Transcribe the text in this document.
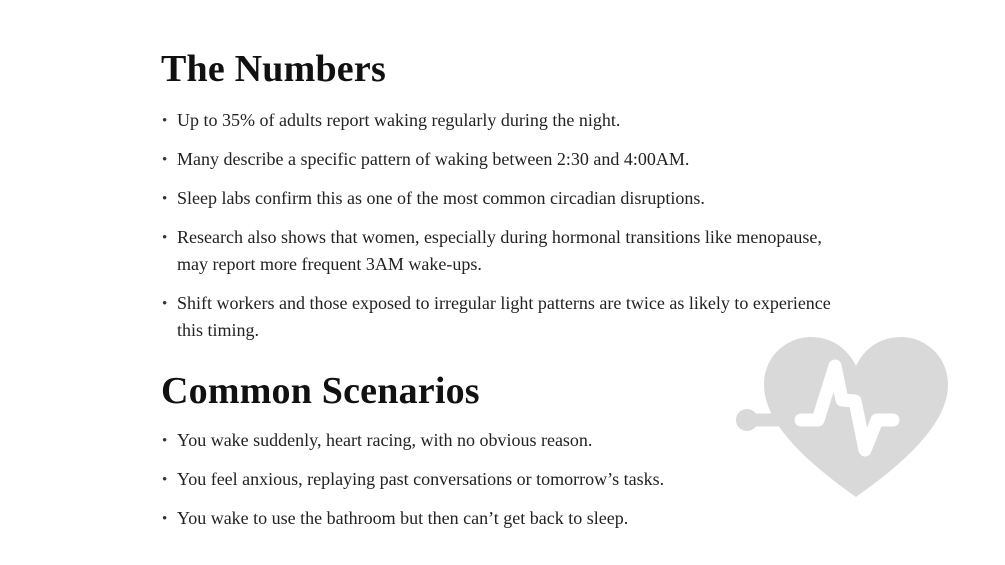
The Numbers
• Up to 35% of adults report waking regularly during the night.
• Many describe a specific pattern of waking between 2:30 and 4:00AM.
• Sleep labs confirm this as one of the most common circadian disruptions.
• Research also shows that women, especially during hormonal transitions like menopause, may report more frequent 3AM wake-ups.
• Shift workers and those exposed to irregular light patterns are twice as likely to experience this timing.
Common Scenarios
• You wake suddenly, heart racing, with no obvious reason.
• You feel anxious, replaying past conversations or tomorrow’s tasks.
• You wake to use the bathroom but then can’t get back to sleep.
